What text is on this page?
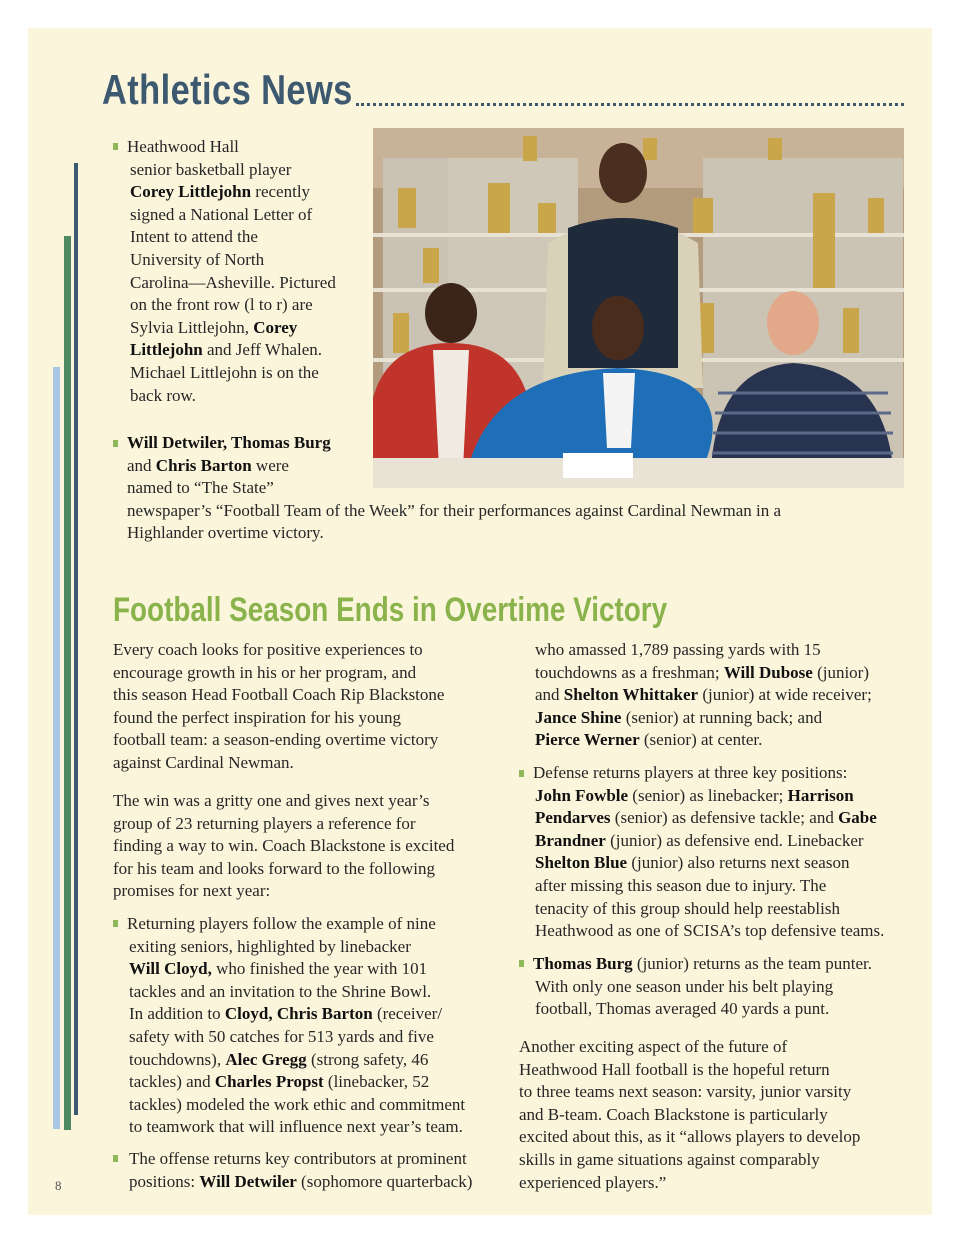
Athletics News
Heathwood Hall
senior basketball player
Corey Littlejohn recently
signed a National Letter of
Intent to attend the
University of North
Carolina—Asheville. Pictured
on the front row (l to r) are
Sylvia Littlejohn, Corey
Littlejohn and Jeff Whalen.
Michael Littlejohn is on the
back row.
Will Detwiler, Thomas Burg
and Chris Barton were
named to “The State”
newspaper’s “Football Team of the Week” for their performances against Cardinal Newman in a
Highlander overtime victory.
Football Season Ends in Overtime Victory
Every coach looks for positive experiences to
encourage growth in his or her program, and
this season Head Football Coach Rip Blackstone
found the perfect inspiration for his young
football team: a season-ending overtime victory
against Cardinal Newman.
The win was a gritty one and gives next year’s
group of 23 returning players a reference for
finding a way to win. Coach Blackstone is excited
for his team and looks forward to the following
promises for next year:
Returning players follow the example of nine
exiting seniors, highlighted by linebacker
Will Cloyd, who finished the year with 101
tackles and an invitation to the Shrine Bowl.
In addition to Cloyd, Chris Barton (receiver/
safety with 50 catches for 513 yards and five
touchdowns), Alec Gregg (strong safety, 46
tackles) and Charles Propst (linebacker, 52
tackles) modeled the work ethic and commitment
to teamwork that will influence next year’s team.
The offense returns key contributors at prominent
positions: Will Detwiler (sophomore quarterback)
who amassed 1,789 passing yards with 15
touchdowns as a freshman; Will Dubose (junior)
and Shelton Whittaker (junior) at wide receiver;
Jance Shine (senior) at running back; and
Pierce Werner (senior) at center.
Defense returns players at three key positions:
John Fowble (senior) as linebacker; Harrison
Pendarves (senior) as defensive tackle; and Gabe
Brandner (junior) as defensive end. Linebacker
Shelton Blue (junior) also returns next season
after missing this season due to injury. The
tenacity of this group should help reestablish
Heathwood as one of SCISA’s top defensive teams.
Thomas Burg (junior) returns as the team punter.
With only one season under his belt playing
football, Thomas averaged 40 yards a punt.
Another exciting aspect of the future of
Heathwood Hall football is the hopeful return
to three teams next season: varsity, junior varsity
and B-team. Coach Blackstone is particularly
excited about this, as it “allows players to develop
skills in game situations against comparably
experienced players.”
8
